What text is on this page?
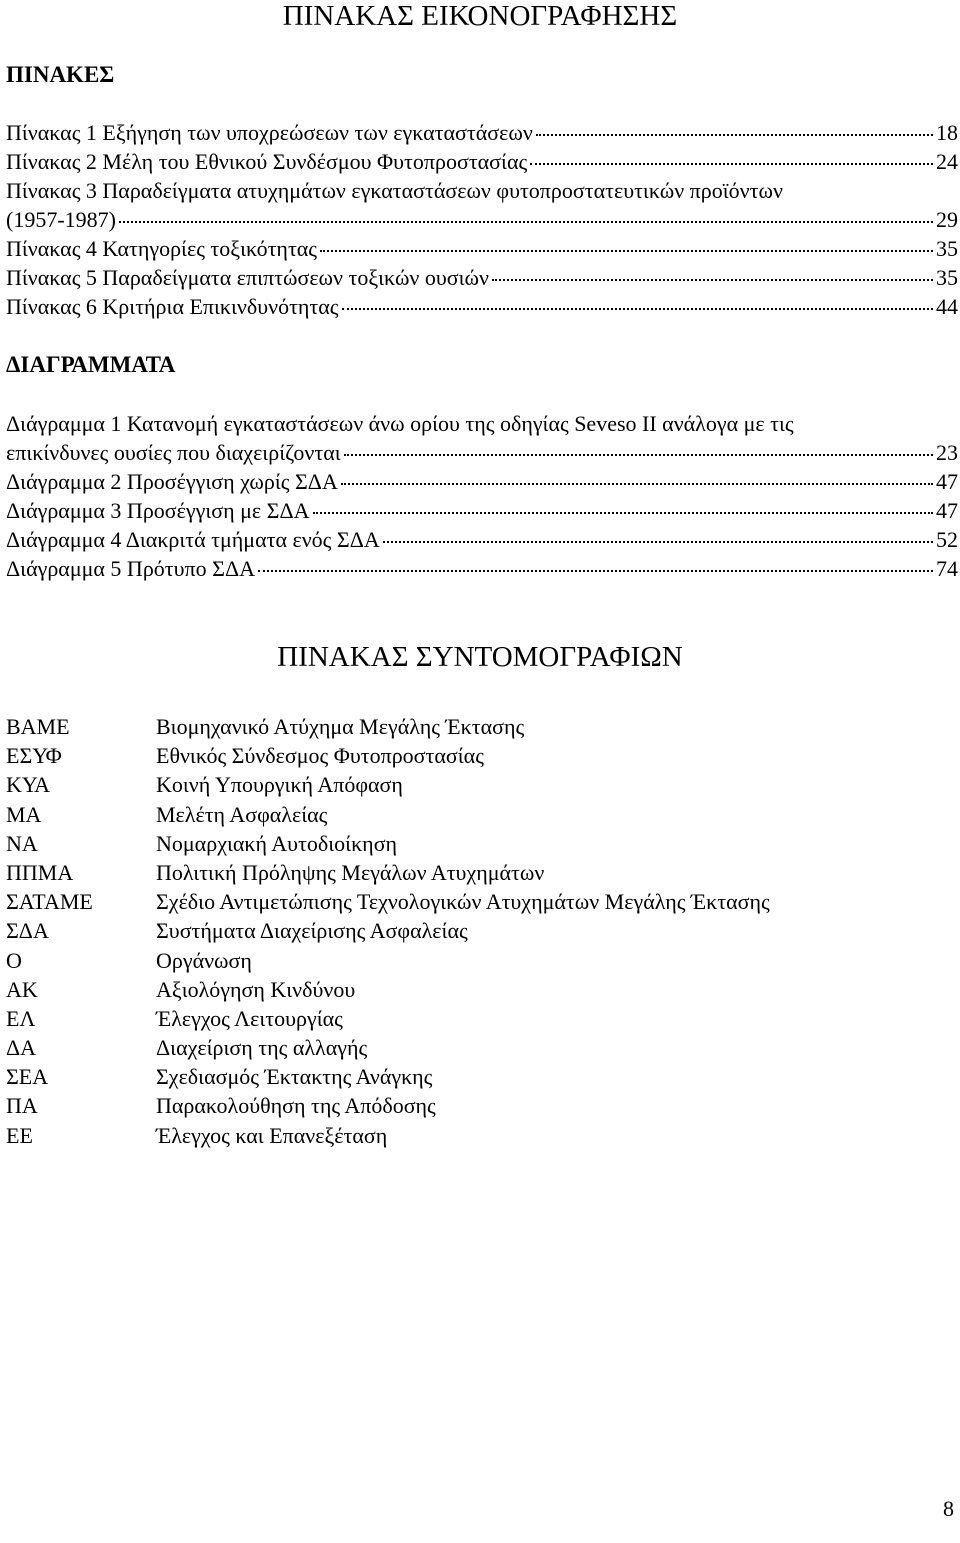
ΠΙΝΑΚΑΣ ΕΙΚΟΝΟΓΡΑΦΗΣΗΣ
ΠΙΝΑΚΕΣ
Πίνακας 1 Εξήγηση των υποχρεώσεων των εγκαταστάσεων	18
Πίνακας 2 Μέλη του Εθνικού Συνδέσμου Φυτοπροστασίας	24
Πίνακας 3 Παραδείγματα ατυχημάτων εγκαταστάσεων φυτοπροστατευτικών προϊόντων
(1957-1987)	29
Πίνακας 4 Κατηγορίες τοξικότητας	35
Πίνακας 5 Παραδείγματα επιπτώσεων τοξικών ουσιών	35
Πίνακας 6 Κριτήρια Επικινδυνότητας	44
ΔΙΑΓΡΑΜΜΑΤΑ
Διάγραμμα 1 Κατανομή εγκαταστάσεων άνω ορίου της οδηγίας Seveso II ανάλογα με τις
επικίνδυνες ουσίες που διαχειρίζονται	23
Διάγραμμα 2 Προσέγγιση χωρίς ΣΔΑ	47
Διάγραμμα 3 Προσέγγιση με ΣΔΑ	47
Διάγραμμα 4 Διακριτά τμήματα ενός ΣΔΑ	52
Διάγραμμα 5 Πρότυπο ΣΔΑ	74
ΠΙΝΑΚΑΣ ΣΥΝΤΟΜΟΓΡΑΦΙΩΝ
ΒΑΜΕ	Βιομηχανικό Ατύχημα Μεγάλης Έκτασης
ΕΣΥΦ	Εθνικός Σύνδεσμος Φυτοπροστασίας
ΚΥΑ	Κοινή Υπουργική Απόφαση
ΜΑ	Μελέτη Ασφαλείας
ΝΑ	Νομαρχιακή Αυτοδιοίκηση
ΠΠΜΑ	Πολιτική Πρόληψης Μεγάλων Ατυχημάτων
ΣΑΤΑΜΕ	Σχέδιο Αντιμετώπισης Τεχνολογικών Ατυχημάτων Μεγάλης Έκτασης
ΣΔΑ	Συστήματα Διαχείρισης Ασφαλείας
Ο	Οργάνωση
ΑΚ	Αξιολόγηση Κινδύνου
ΕΛ	Έλεγχος Λειτουργίας
ΔΑ	Διαχείριση της αλλαγής
ΣΕΑ	Σχεδιασμός Έκτακτης Ανάγκης
ΠΑ	Παρακολούθηση της Απόδοσης
ΕΕ	Έλεγχος και Επανεξέταση
8
